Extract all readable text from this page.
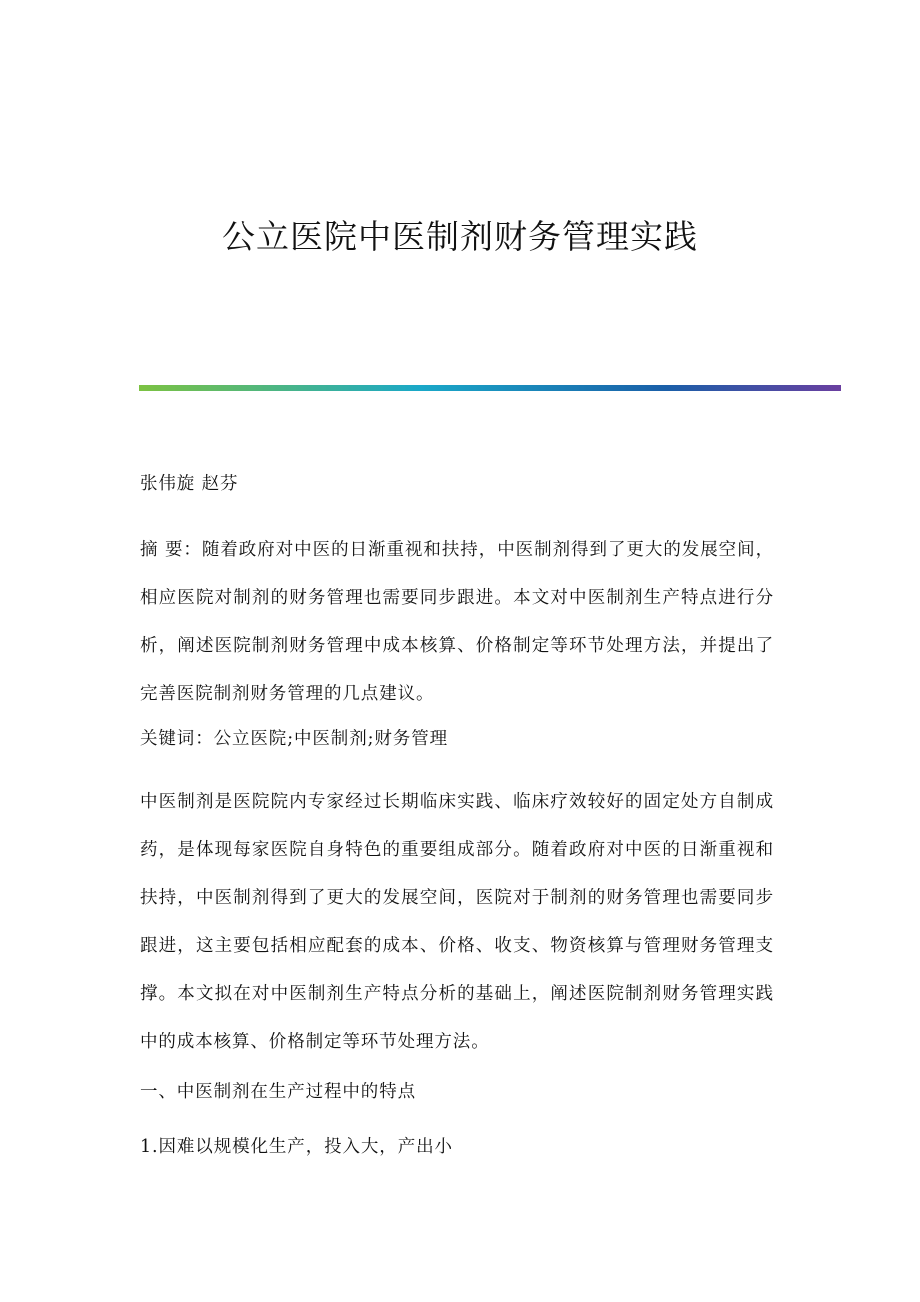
公立医院中医制剂财务管理实践
张伟旋 赵芬
摘 要：随着政府对中医的日渐重视和扶持，中医制剂得到了更大的发展空间，相应医院对制剂的财务管理也需要同步跟进。本文对中医制剂生产特点进行分析，阐述医院制剂财务管理中成本核算、价格制定等环节处理方法，并提出了完善医院制剂财务管理的几点建议。
关键词：公立医院;中医制剂;财务管理
中医制剂是医院院内专家经过长期临床实践、临床疗效较好的固定处方自制成药，是体现每家医院自身特色的重要组成部分。随着政府对中医的日渐重视和扶持，中医制剂得到了更大的发展空间，医院对于制剂的财务管理也需要同步跟进，这主要包括相应配套的成本、价格、收支、物资核算与管理财务管理支撑。本文拟在对中医制剂生产特点分析的基础上，阐述医院制剂财务管理实践中的成本核算、价格制定等环节处理方法。
一、中医制剂在生产过程中的特点
1.因难以规模化生产，投入大，产出小
